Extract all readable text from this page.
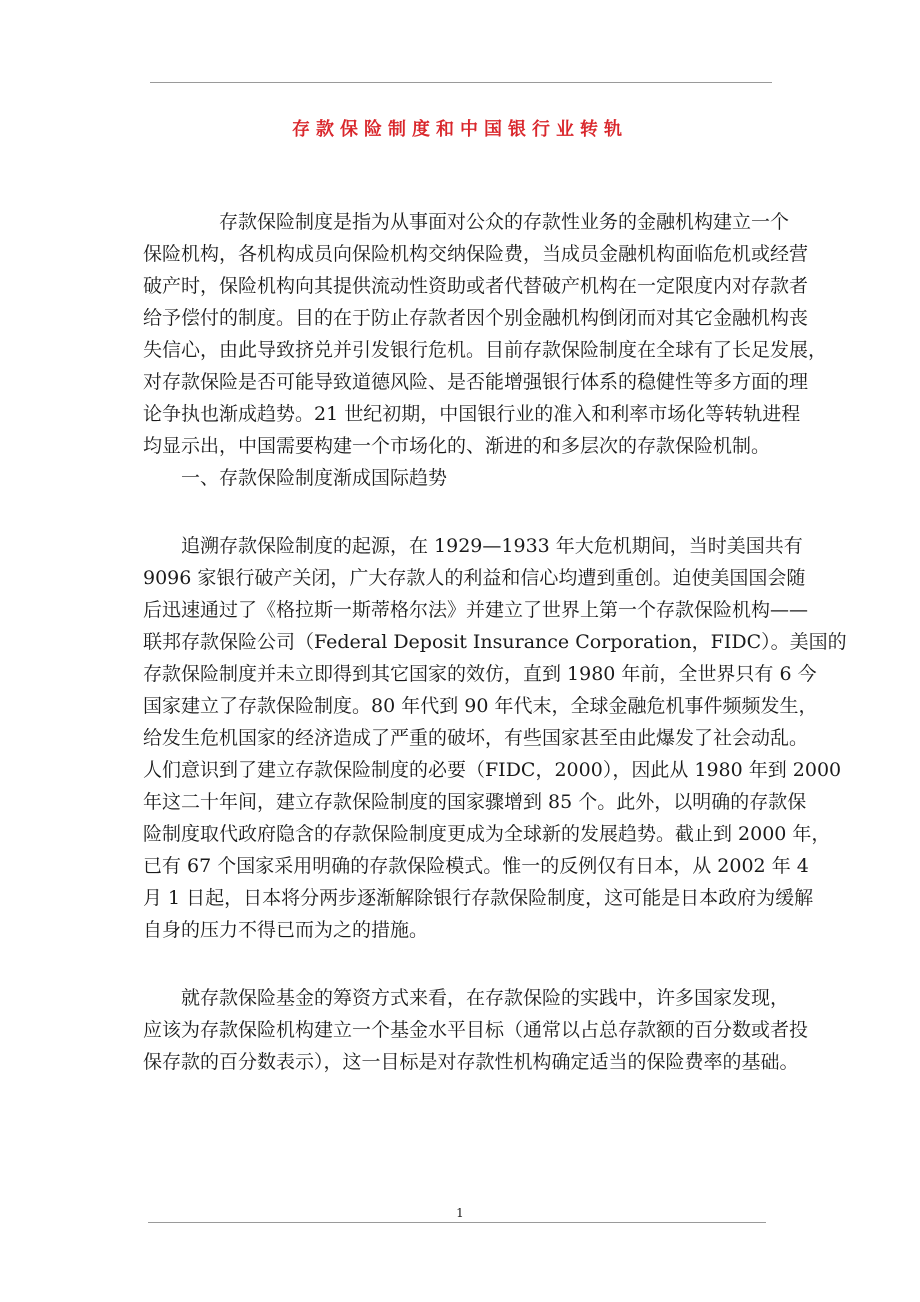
存款保险制度和中国银行业转轨
　　　　存款保险制度是指为从事面对公众的存款性业务的金融机构建立一个
保险机构，各机构成员向保险机构交纳保险费，当成员金融机构面临危机或经营
破产时，保险机构向其提供流动性资助或者代替破产机构在一定限度内对存款者
给予偿付的制度。目的在于防止存款者因个别金融机构倒闭而对其它金融机构丧
失信心，由此导致挤兑并引发银行危机。目前存款保险制度在全球有了长足发展，
对存款保险是否可能导致道德风险、是否能增强银行体系的稳健性等多方面的理
论争执也渐成趋势。21 世纪初期，中国银行业的准入和利率市场化等转轨进程
均显示出，中国需要构建一个市场化的、渐进的和多层次的存款保险机制。
　　一、存款保险制度渐成国际趋势
　　追溯存款保险制度的起源，在 1929—1933 年大危机期间，当时美国共有
9096 家银行破产关闭，广大存款人的利益和信心均遭到重创。迫使美国国会随
后迅速通过了《格拉斯一斯蒂格尔法》并建立了世界上第一个存款保险机构——
联邦存款保险公司（Federal Deposit Insurance Corporation，FIDC）。美国的
存款保险制度并未立即得到其它国家的效仿，直到 1980 年前，全世界只有 6 今
国家建立了存款保险制度。80 年代到 90 年代末，全球金融危机事件频频发生，
给发生危机国家的经济造成了严重的破坏，有些国家甚至由此爆发了社会动乱。
人们意识到了建立存款保险制度的必要（FIDC，2000），因此从 1980 年到 2000
年这二十年间，建立存款保险制度的国家骤增到 85 个。此外，以明确的存款保
险制度取代政府隐含的存款保险制度更成为全球新的发展趋势。截止到 2000 年，
已有 67 个国家采用明确的存款保险模式。惟一的反例仅有日本，从 2002 年 4
月 1 日起，日本将分两步逐渐解除银行存款保险制度，这可能是日本政府为缓解
自身的压力不得已而为之的措施。
　　就存款保险基金的筹资方式来看，在存款保险的实践中，许多国家发现，
应该为存款保险机构建立一个基金水平目标（通常以占总存款额的百分数或者投
保存款的百分数表示），这一目标是对存款性机构确定适当的保险费率的基础。
1
